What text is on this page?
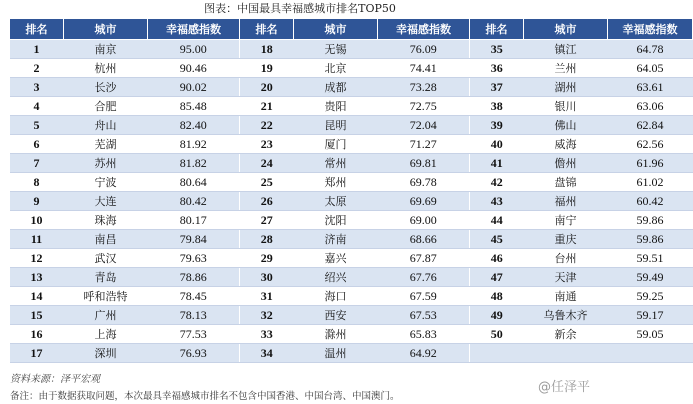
图表：中国最具幸福感城市排名TOP50
排名	城市	幸福感指数	排名	城市	幸福感指数	排名	城市	幸福感指数
1	南京	95.00	18	无锡	76.09	35	镇江	64.78
2	杭州	90.46	19	北京	74.41	36	兰州	64.05
3	长沙	90.02	20	成都	73.28	37	湖州	63.61
4	合肥	85.48	21	贵阳	72.75	38	银川	63.06
5	舟山	82.40	22	昆明	72.04	39	佛山	62.84
6	芜湖	81.92	23	厦门	71.27	40	威海	62.56
7	苏州	81.82	24	常州	69.81	41	儋州	61.96
8	宁波	80.64	25	郑州	69.78	42	盘锦	61.02
9	大连	80.42	26	太原	69.69	43	福州	60.42
10	珠海	80.17	27	沈阳	69.00	44	南宁	59.86
11	南昌	79.84	28	济南	68.66	45	重庆	59.86
12	武汉	79.63	29	嘉兴	67.87	46	台州	59.51
13	青岛	78.86	30	绍兴	67.76	47	天津	59.49
14	呼和浩特	78.45	31	海口	67.59	48	南通	59.25
15	广州	78.13	32	西安	67.53	49	乌鲁木齐	59.17
16	上海	77.53	33	滁州	65.83	50	新余	59.05
17	深圳	76.93	34	温州	64.92			
资料来源：泽平宏观
备注：由于数据获取问题，本次最具幸福感城市排名不包含中国香港、中国台湾、中国澳门。
@任泽平
